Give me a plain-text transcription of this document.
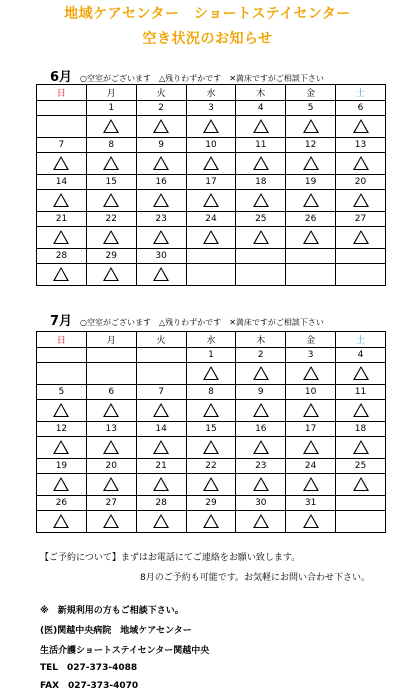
地域ケアセンター　ショートステイセンター
空き状況のお知らせ
6月 ○空室がございます △残りわずかです ✕満床ですがご相談下さい
日	月	火	水	木	金	土
	1	2	3	4	5	6

7	8	9	10	11	12	13

14	15	16	17	18	19	20

21	22	23	24	25	26	27

28	29	30				

7月 ○空室がございます △残りわずかです ✕満床ですがご相談下さい
日	月	火	水	木	金	土
			1	2	3	4

5	6	7	8	9	10	11

12	13	14	15	16	17	18

19	20	21	22	23	24	25

26	27	28	29	30	31	

【ご予約について】まずはお電話にてご連絡をお願い致します。
8月のご予約も可能です。お気軽にお問い合わせ下さい。
※　新規利用の方もご相談下さい。
(医)関越中央病院　地域ケアセンター
生活介護ショートステイセンター関越中央
TEL　027-373-4088
FAX　027-373-4070
